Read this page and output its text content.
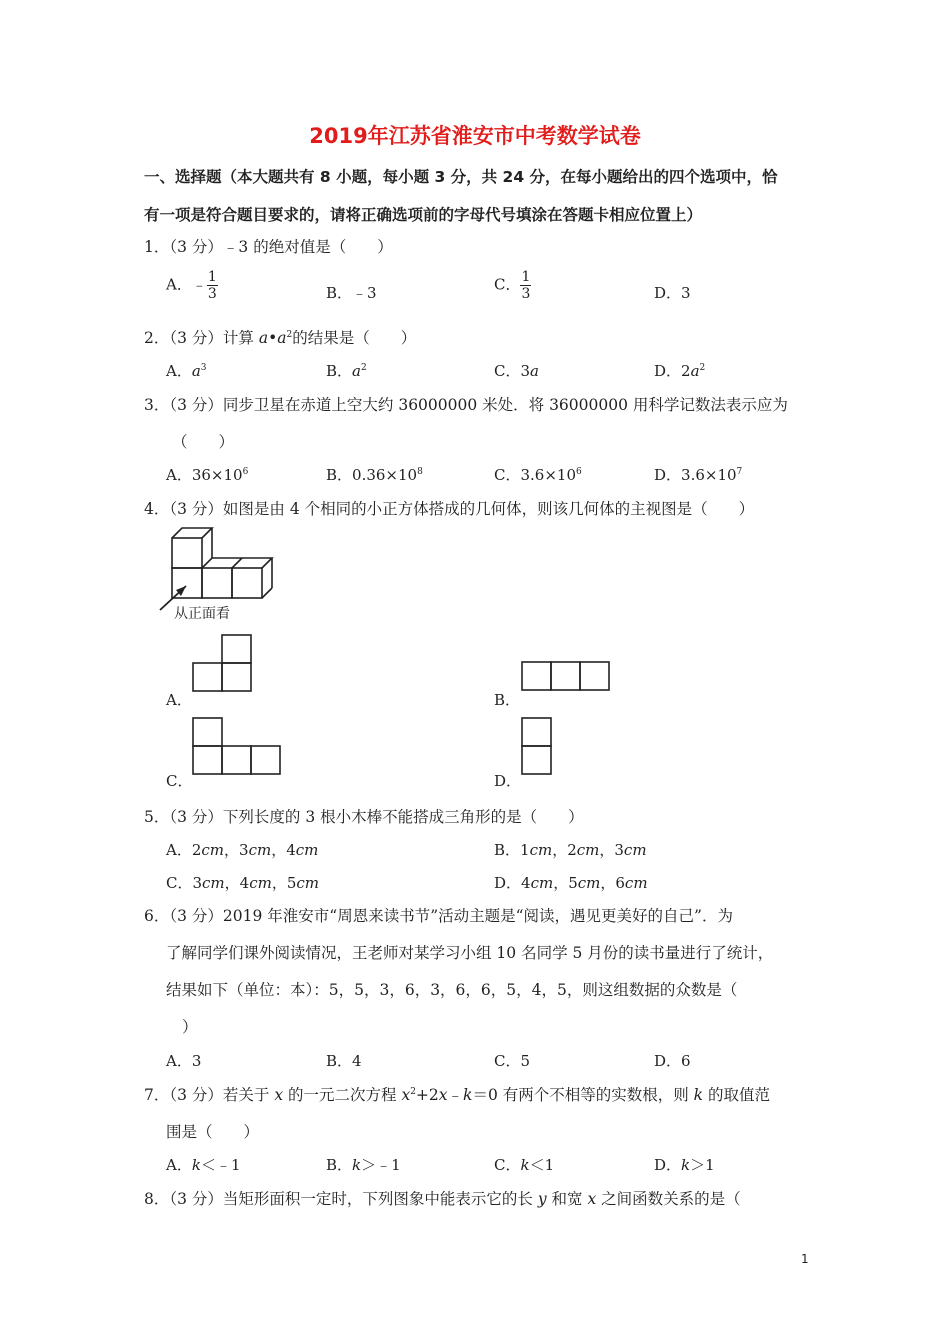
2019年江苏省淮安市中考数学试卷
一、选择题（本大题共有 8 小题，每小题 3 分，共 24 分，在每小题给出的四个选项中，恰
有一项是符合题目要求的，请将正确选项前的字母代号填涂在答题卡相应位置上）
1．（3 分）﹣3 的绝对值是（　　）
A．﹣ $\frac{1}{3}$	B．﹣3	C． $\frac{1}{3}$	D．3
2．（3 分）计算 $a•a^2$的结果是（　　）
A．$a^3$	B．$a^2$	C．3a	D．$2a^2$
3．（3 分）同步卫星在赤道上空大约 36000000 米处．将 36000000 用科学记数法表示应为
（　　）
A．$36\times 10^6$	B．$0.36\times 10^8$	C．$3.6\times 10^6$	D．$3.6\times 10^7$
4．（3 分）如图是由 4 个相同的小正方体搭成的几何体，则该几何体的主视图是（　　）
从正面看
A．	B．
C．	D．
5．（3 分）下列长度的 3 根小木棒不能搭成三角形的是（　　）
A．2cm，3cm，4cm	B．1cm，2cm，3cm
C．3cm，4cm，5cm	D．4cm，5cm，6cm
6．（3 分）2019 年淮安市“周恩来读书节”活动主题是“阅读，遇见更美好的自己”．为
了解同学们课外阅读情况，王老师对某学习小组 10 名同学 5 月份的读书量进行了统计，
结果如下（单位：本）：5，5，3，6，3，6，6，5，4，5，则这组数据的众数是（
）
A．3	B．4	C．5	D．6
7．（3 分）若关于 x 的一元二次方程 $x^2+2x﹣k=0$ 有两个不相等的实数根，则 k 的取值范
围是（　　）
A．k＜﹣1	B．k＞﹣1	C．k＜1	D．k＞1
8．（3 分）当矩形面积一定时，下列图象中能表示它的长 y 和宽 x 之间函数关系的是（
1
